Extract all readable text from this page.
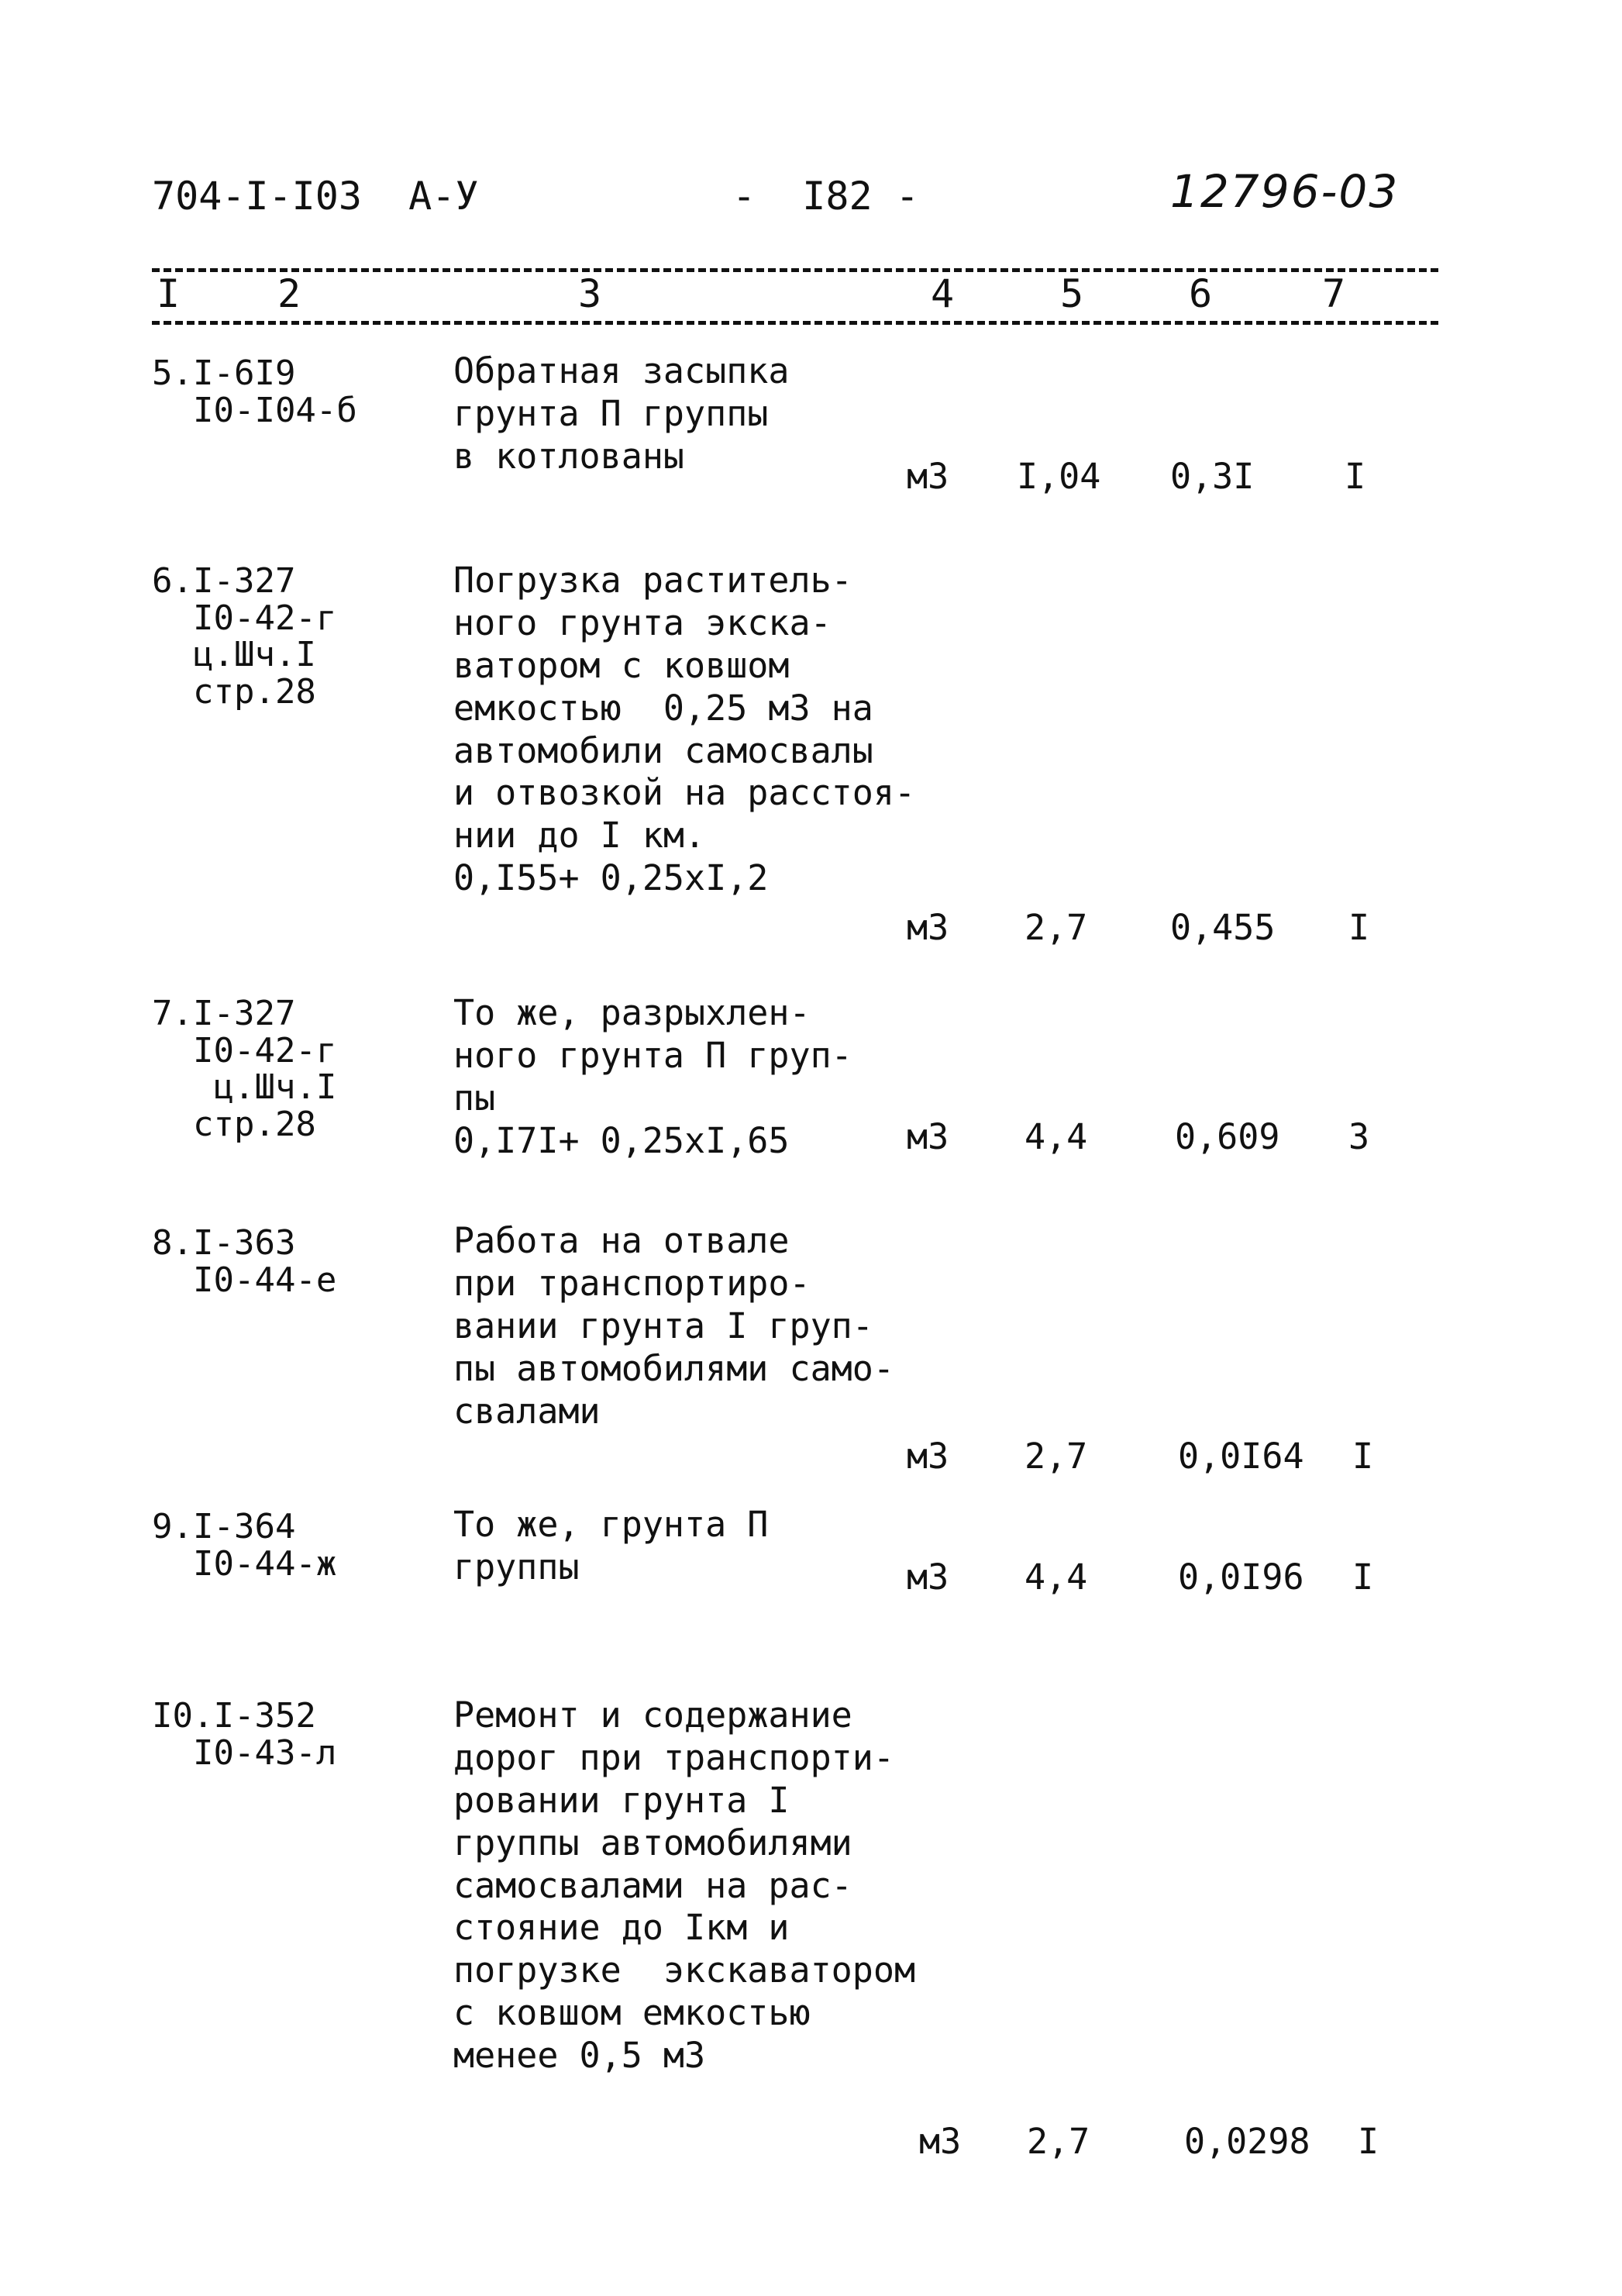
704-I-I03  А-У	-  I82 -	12796-03
I	2	3	4	5	6	7
5.I-6I9
I0-I04-б
Обратная засыпка
грунта П группы
в котлованы	м3 I,04 0,3I	I
6.I-327
I0-42-г
ц.Шч.I
стр.28
Погрузка раститель-
ного грунта экска-
ватором с ковшом
емкостью  0,25 м3 на
автомобили самосвалы
и отвозкой на расстоя-
нии до I км.
0,I55+ 0,25хI,2
м3 2,7 0,455 I
7.I-327
I0-42-г
ц.Шч.I
стр.28
То же, разрыхлен-
ного грунта П груп-
пы
0,I7I+ 0,25хI,65	м3 4,4	0,609 3
8.I-363
I0-44-е
Работа на отвале
при транспортиро-
вании грунта I груп-
пы автомобилями само-
свалами
м3 2,7	0,0I64 I
9.I-364
I0-44-ж
То же, грунта П
группы	м3 4,4	0,0I96 I
I0.I-352
I0-43-л
Ремонт и содержание
дорог при транспорти-
ровании грунта I
группы автомобилями
самосвалами на рас-
стояние до Iкм и
погрузке  экскаватором
с ковшом емкостью
менее 0,5 м3
м3 2,7	0,0298 I
